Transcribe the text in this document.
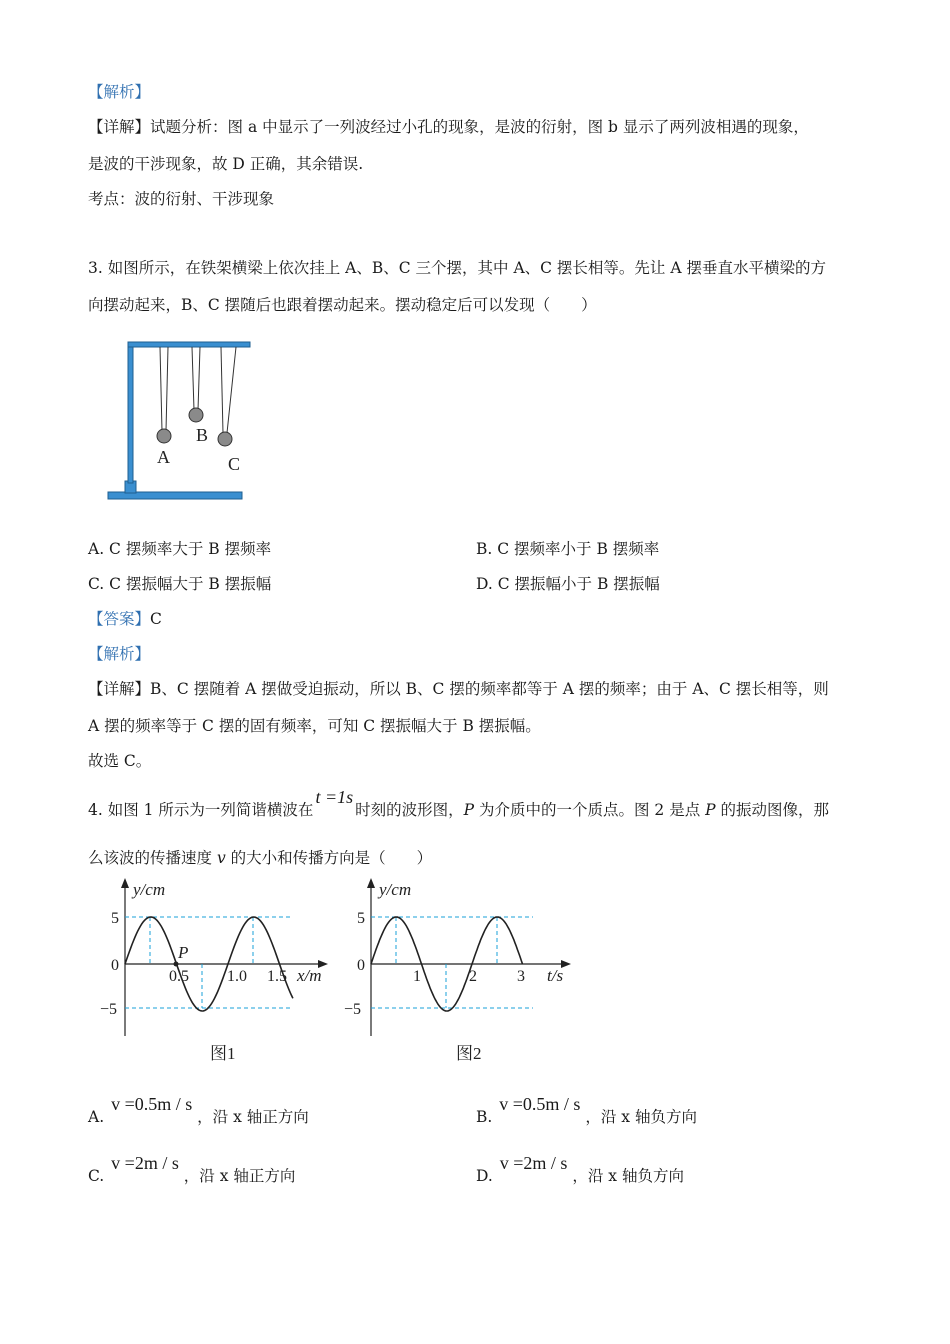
【解析】
【详解】试题分析：图 a 中显示了一列波经过小孔的现象，是波的衍射，图 b 显示了两列波相遇的现象，
是波的干涉现象，故 D 正确，其余错误.
考点：波的衍射、干涉现象
3. 如图所示，在铁架横梁上依次挂上 A、B、C 三个摆，其中 A、C 摆长相等。先让 A 摆垂直水平横梁的方
向摆动起来，B、C 摆随后也跟着摆动起来。摆动稳定后可以发现（　　）
A
B
C
A. C 摆频率大于 B 摆频率	B. C 摆频率小于 B 摆频率
C. C 摆振幅大于 B 摆振幅	D. C 摆振幅小于 B 摆振幅
【答案】C
【解析】
【详解】B、C 摆随着 A 摆做受迫振动，所以 B、C 摆的频率都等于 A 摆的频率；由于 A、C 摆长相等，则
A 摆的频率等于 C 摆的固有频率，可知 C 摆振幅大于 B 摆振幅。
故选 C。
4. 如图 1 所示为一列简谐横波在t =1s时刻的波形图，P 为介质中的一个质点。图 2 是点 P 的振动图像，那
么该波的传播速度 v 的大小和传播方向是（　　）
P
y/cm
5
0
−5
0.5 1.0 1.5 x/m
图1
y/cm
5
0
−5
1	2	3 t/s
图2
A. v =0.5m / s ，沿 x 轴正方向	B. v =0.5m / s ，沿 x 轴负方向
C. v =2m / s ，沿 x 轴正方向	D. v =2m / s ，沿 x 轴负方向
